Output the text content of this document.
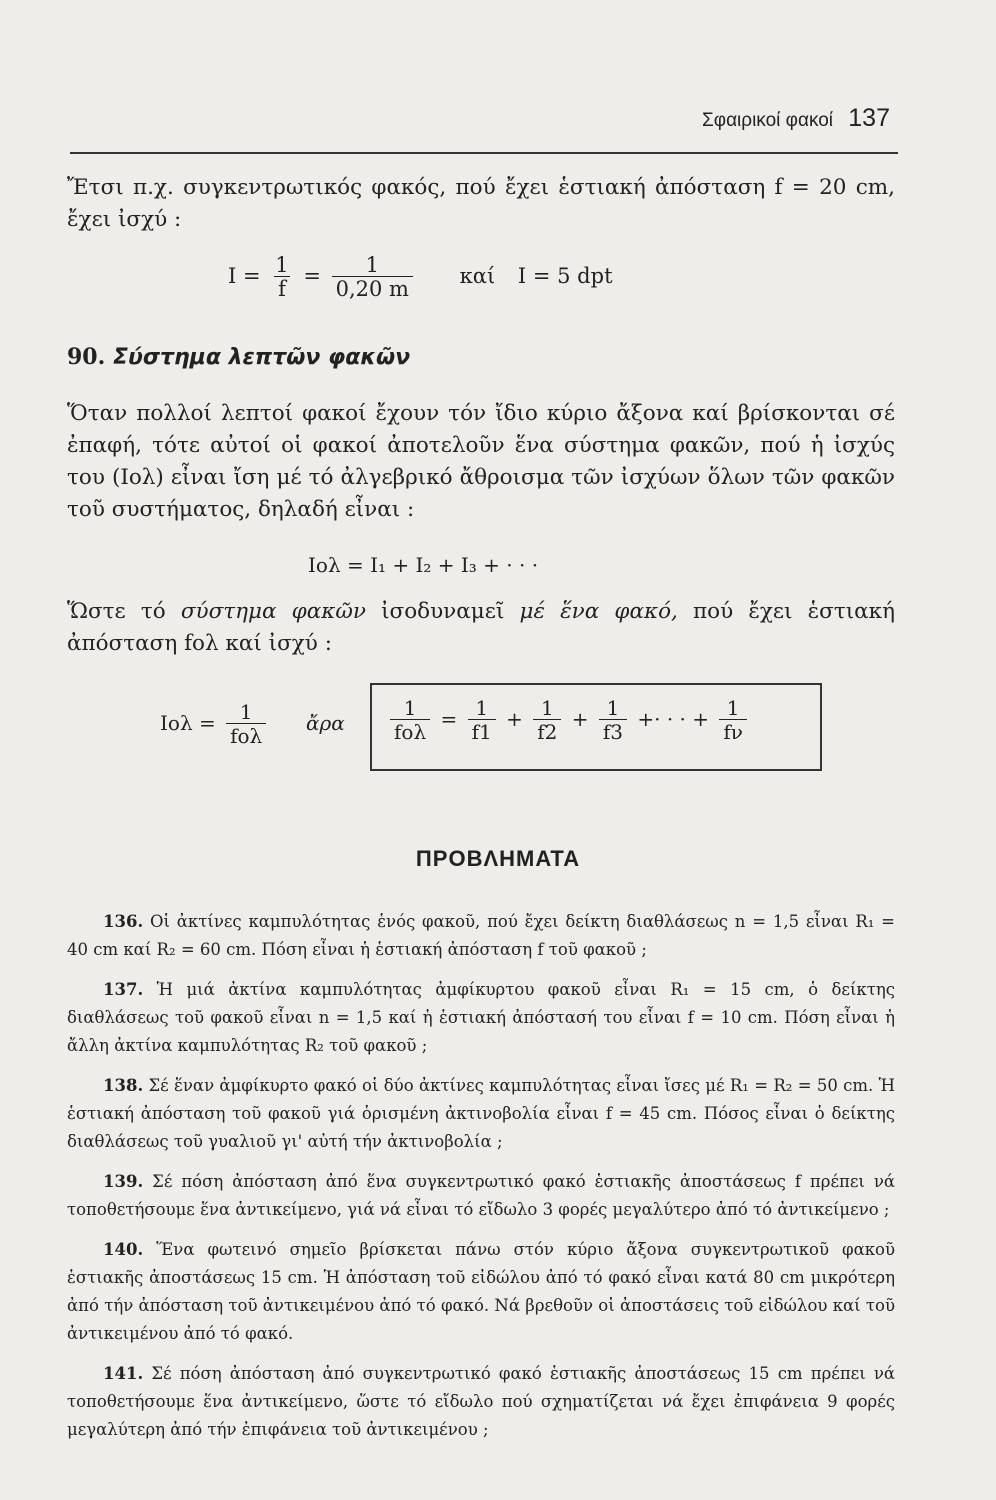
Σφαιρικοί φακοί 137
Ἔτσι π.χ. συγκεντρωτικός φακός, πού ἔχει ἑστιακή ἀπόσταση f = 20 cm, ἔχει ἰσχύ :
$I = \frac{1}{f} = \frac{1}{0,20 m}$ καί I = 5 dpt
90. Σύστημα λεπτῶν φακῶν
Ὅταν πολλοί λεπτοί φακοί ἔχουν τόν ἴδιο κύριο ἄξονα καί βρίσκονται σέ ἐπαφή, τότε αὐτοί οἱ φακοί ἀποτελοῦν ἕνα σύστημα φακῶν, πού ἡ ἰσχύς του (Iολ) εἶναι ἴση μέ τό ἀλγεβρικό ἄθροισμα τῶν ἰσχύων ὅλων τῶν φακῶν τοῦ συστήματος, δηλαδή εἶναι :
Iολ = I₁ + I₂ + I₃ + · · ·
Ὥστε τό σύστημα φακῶν ἰσοδυναμεῖ μέ ἕνα φακό, πού ἔχει ἑστιακή ἀπόσταση fολ καί ἰσχύ :
$Io\lambda = \frac{1}{\text{fολ}}$ ἄρα $\frac{1}{\text{fολ}} = \frac{1}{f1} + \frac{1}{f2} + \frac{1}{f3}$ +· · · + $\frac{1}{f\nu}$
ΠΡΟΒΛΗΜΑΤΑ

136. Οἱ ἀκτίνες καμπυλότητας ἑνός φακοῦ, πού ἔχει δείκτη διαθλάσεως n = 1,5 εἶναι R₁ = 40 cm καί R₂ = 60 cm. Πόση εἶναι ἡ ἑστιακή ἀπόσταση f τοῦ φακοῦ ;

137. Ἡ μιά ἀκτίνα καμπυλότητας ἀμφίκυρτου φακοῦ εἶναι R₁ = 15 cm, ὁ δείκτης διαθλάσεως τοῦ φακοῦ εἶναι n = 1,5 καί ἡ ἑστιακή ἀπόστασή του εἶναι f = 10 cm. Πόση εἶναι ἡ ἄλλη ἀκτίνα καμπυλότητας R₂ τοῦ φακοῦ ;

138. Σέ ἕναν ἀμφίκυρτο φακό οἱ δύο ἀκτίνες καμπυλότητας εἶναι ἴσες μέ R₁ = R₂ = 50 cm. Ἡ ἑστιακή ἀπόσταση τοῦ φακοῦ γιά ὁρισμένη ἀκτινοβολία εἶναι f = 45 cm. Πόσος εἶναι ὁ δείκτης διαθλάσεως τοῦ γυαλιοῦ γι' αὐτή τήν ἀκτινοβολία ;

139. Σέ πόση ἀπόσταση ἀπό ἕνα συγκεντρωτικό φακό ἑστιακῆς ἀποστάσεως f πρέπει νά τοποθετήσουμε ἕνα ἀντικείμενο, γιά νά εἶναι τό εἴδωλο 3 φορές μεγαλύτερο ἀπό τό ἀντικείμενο ;

140. Ἕνα φωτεινό σημεῖο βρίσκεται πάνω στόν κύριο ἄξονα συγκεντρωτικοῦ φακοῦ ἑστιακῆς ἀποστάσεως 15 cm. Ἡ ἀπόσταση τοῦ εἰδώλου ἀπό τό φακό εἶναι κατά 80 cm μικρότερη ἀπό τήν ἀπόσταση τοῦ ἀντικειμένου ἀπό τό φακό. Νά βρεθοῦν οἱ ἀποστάσεις τοῦ εἰδώλου καί τοῦ ἀντικειμένου ἀπό τό φακό.

141. Σέ πόση ἀπόσταση ἀπό συγκεντρωτικό φακό ἑστιακῆς ἀποστάσεως 15 cm πρέπει νά τοποθετήσουμε ἕνα ἀντικείμενο, ὥστε τό εἴδωλο πού σχηματίζεται νά ἔχει ἐπιφάνεια 9 φορές μεγαλύτερη ἀπό τήν ἐπιφάνεια τοῦ ἀντικειμένου ;
